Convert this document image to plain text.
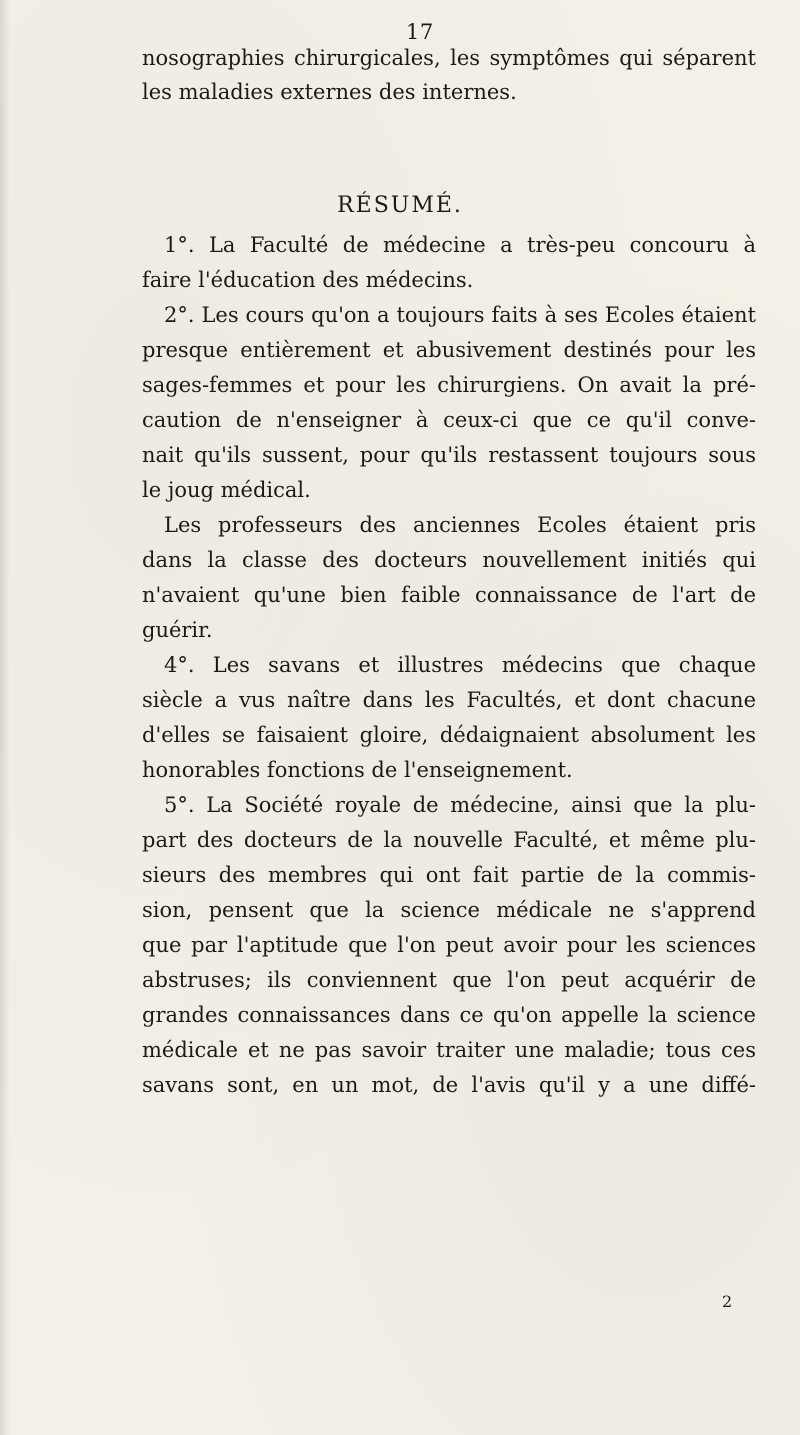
17
nosographies chirurgicales, les symptômes qui séparent
les maladies externes des internes.
RÉSUMÉ.
1°. La Faculté de médecine a très-peu concouru à
faire l'éducation des médecins.
2°. Les cours qu'on a toujours faits à ses Ecoles étaient
presque entièrement et abusivement destinés pour les
sages-femmes et pour les chirurgiens. On avait la pré-
caution de n'enseigner à ceux-ci que ce qu'il conve-
nait qu'ils sussent, pour qu'ils restassent toujours sous
le joug médical.
Les professeurs des anciennes Ecoles étaient pris
dans la classe des docteurs nouvellement initiés qui
n'avaient qu'une bien faible connaissance de l'art de
guérir.
4°. Les savans et illustres médecins que chaque
siècle a vus naître dans les Facultés, et dont chacune
d'elles se faisaient gloire, dédaignaient absolument les
honorables fonctions de l'enseignement.
5°. La Société royale de médecine, ainsi que la plu-
part des docteurs de la nouvelle Faculté, et même plu-
sieurs des membres qui ont fait partie de la commis-
sion, pensent que la science médicale ne s'apprend
que par l'aptitude que l'on peut avoir pour les sciences
abstruses; ils conviennent que l'on peut acquérir de
grandes connaissances dans ce qu'on appelle la science
médicale et ne pas savoir traiter une maladie; tous ces
savans sont, en un mot, de l'avis qu'il y a une diffé-
2
